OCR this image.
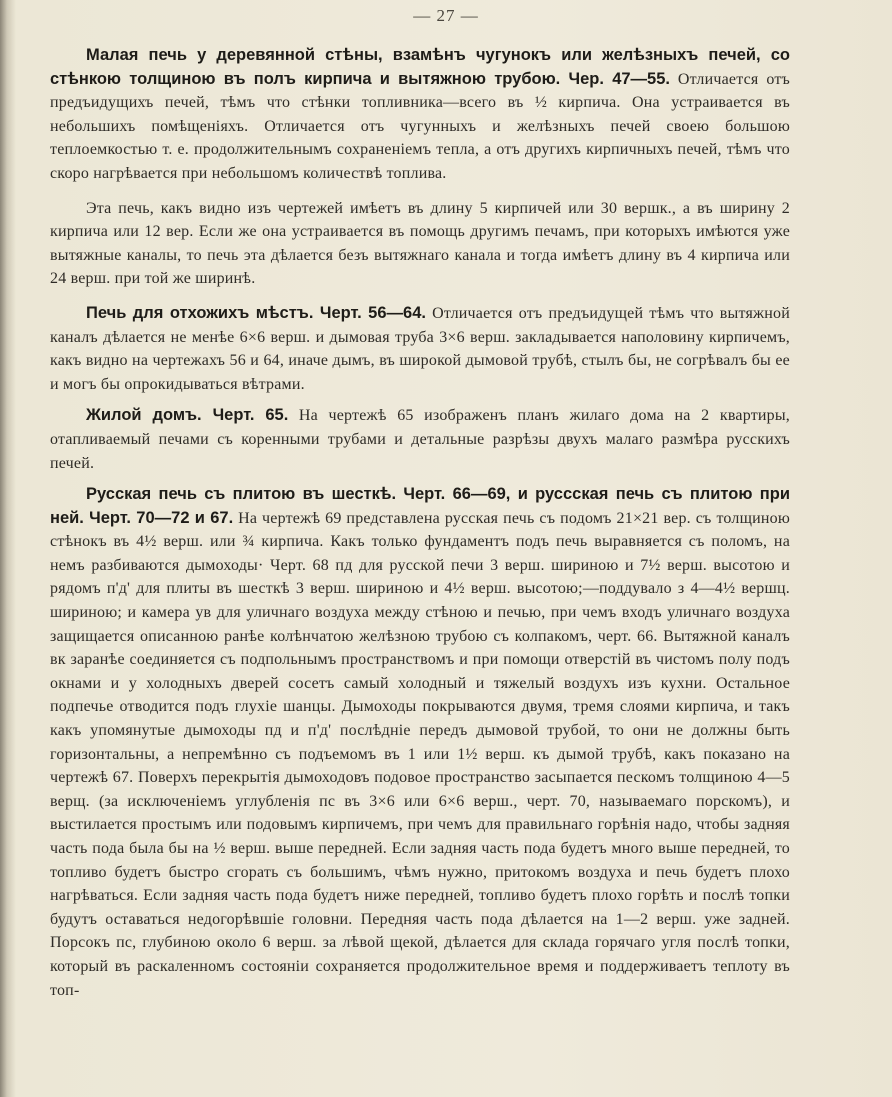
— 27 —

Малая печь у деревянной стѣны, взамѣнъ чугунокъ или желѣзныхъ печей, со стѣнкою толщиною въ полъ кирпича и вытяжною трубою. Чер. 47—55. Отличается отъ предъидущихъ печей, тѣмъ что стѣнки топливника—всего въ ½ кирпича. Она устраивается въ небольшихъ помѣщеніяхъ. Отличается отъ чугунныхъ и желѣзныхъ печей своею большою теплоемкостью т. е. продолжительнымъ сохраненіемъ тепла, а отъ другихъ кирпичныхъ печей, тѣмъ что скоро нагрѣвается при небольшомъ количествѣ топлива.

Эта печь, какъ видно изъ чертежей имѣетъ въ длину 5 кирпичей или 30 вершк., а въ ширину 2 кирпича или 12 вер. Если же она устраивается въ помощь другимъ печамъ, при которыхъ имѣются уже вытяжные каналы, то печь эта дѣлается безъ вытяжнаго канала и тогда имѣетъ длину въ 4 кирпича или 24 верш. при той же ширинѣ.

Печь для отхожихъ мѣстъ. Черт. 56—64. Отличается отъ предъидущей тѣмъ что вытяжной каналъ дѣлается не менѣе 6×6 верш. и дымовая труба 3×6 верш. закладывается наполовину кирпичемъ, какъ видно на чертежахъ 56 и 64, иначе дымъ, въ широкой дымовой трубѣ, стылъ бы, не согрѣвалъ бы ее и могъ бы опрокидываться вѣтрами.

Жилой домъ. Черт. 65. На чертежѣ 65 изображенъ планъ жилаго дома на 2 квартиры, отапливаемый печами съ коренными трубами и детальные разрѣзы двухъ малаго размѣра русскихъ печей.

Русская печь съ плитою въ шесткѣ. Черт. 66—69, и русcская печь съ плитою при ней. Черт. 70—72 и 67. На чертежѣ 69 представлена русская печь съ подомъ 21×21 вер. съ толщиною стѣнокъ въ 4½ верш. или ¾ кирпича. Какъ только фундаментъ подъ печь выравняется съ поломъ, на немъ разбиваются дымоходы· Черт. 68 пд для русской печи 3 верш. шириною и 7½ верш. высотою и рядомъ п'д' для плиты въ шесткѣ 3 верш. шириною и 4½ верш. высотою;—поддувало з 4—4½ вершц. шириною; и камера ув для уличнаго воздуха между стѣною и печью, при чемъ входъ уличнаго воздуха защищается описанною ранѣе колѣнчатою желѣзною трубою съ колпакомъ, черт. 66. Вытяжной каналъ вк заранѣе соединяется съ подпольнымъ пространствомъ и при помощи отверстій въ чистомъ полу подъ окнами и у холодныхъ дверей сосетъ самый холодный и тяжелый воздухъ изъ кухни. Остальное подпечье отводится подъ глухіе шанцы. Дымоходы покрываются двумя, тремя слоями кирпича, и такъ какъ упомянутые дымоходы пд и п'д' послѣдніе передъ дымовой трубой, то они не должны быть горизонтальны, а непремѣнно съ подъемомъ въ 1 или 1½ верш. къ дымой трубѣ, какъ показано на чертежѣ 67. Поверхъ перекрытія дымоходовъ подовое пространство засыпается пескомъ толщиною 4—5 верщ. (за исключеніемъ углубленія пс въ 3×6 или 6×6 верш., черт. 70, называемаго порскомъ), и выстилается простымъ или подовымъ кирпичемъ, при чемъ для правильнаго горѣнія надо, чтобы задняя часть пода была бы на ½ верш. выше передней. Если задняя часть пода будетъ много выше передней, то топливо будетъ быстро сгорать съ большимъ, чѣмъ нужно, притокомъ воздуха и печь будетъ плохо нагрѣваться. Если задняя часть пода будетъ ниже передней, топливо будетъ плохо горѣть и послѣ топки будутъ оставаться недогорѣвшіе головни. Передняя часть пода дѣлается на 1—2 верш. уже задней. Порсокъ пс, глубиною около 6 верш. за лѣвой щекой, дѣлается для склада горячаго угля послѣ топки, который въ раскаленномъ состояніи сохраняется продолжительное время и поддерживаетъ теплоту въ топ-
